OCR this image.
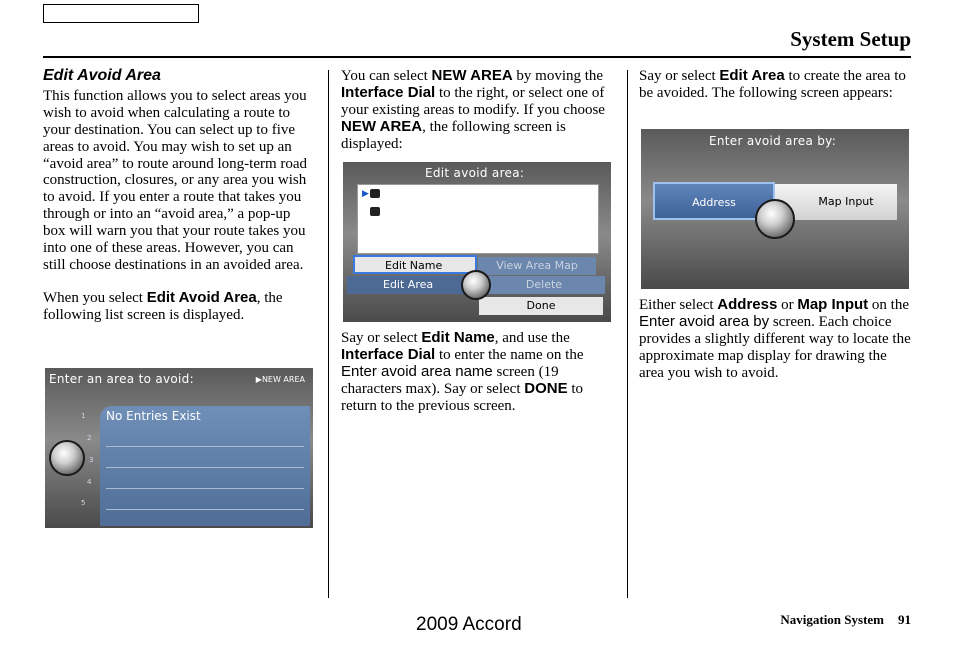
System Setup
Edit Avoid Area

This function allows you to select areas you wish to avoid when calculating a route to your destination. You can select up to five areas to avoid. You may wish to set up an “avoid area” to route around long-term road construction, closures, or any area you wish to avoid. If you enter a route that takes you through or into an “avoid area,” a pop-up box will warn you that your route takes you into one of these areas. However, you can still choose destinations in an avoided area.

When you select Edit Avoid Area, the following list screen is displayed.

Enter an area to avoid:	▶NEW AREA
No Entries Exist
1
2
3
4
5

You can select NEW AREA by moving the Interface Dial to the right, or select one of your existing areas to modify. If you choose NEW AREA, the following screen is displayed:

Edit avoid area:
▶
Edit Name	View Area Map
Edit Area	Delete
Done

Say or select Edit Name, and use the Interface Dial to enter the name on the Enter avoid area name screen (19 characters max). Say or select DONE to return to the previous screen.

Say or select Edit Area to create the area to be avoided. The following screen appears:

Enter avoid area by:
Address	Map Input

Either select Address or Map Input on the Enter avoid area by screen. Each choice provides a slightly different way to locate the approximate map display for drawing the area you wish to avoid.

2009 Accord	Navigation System 91
